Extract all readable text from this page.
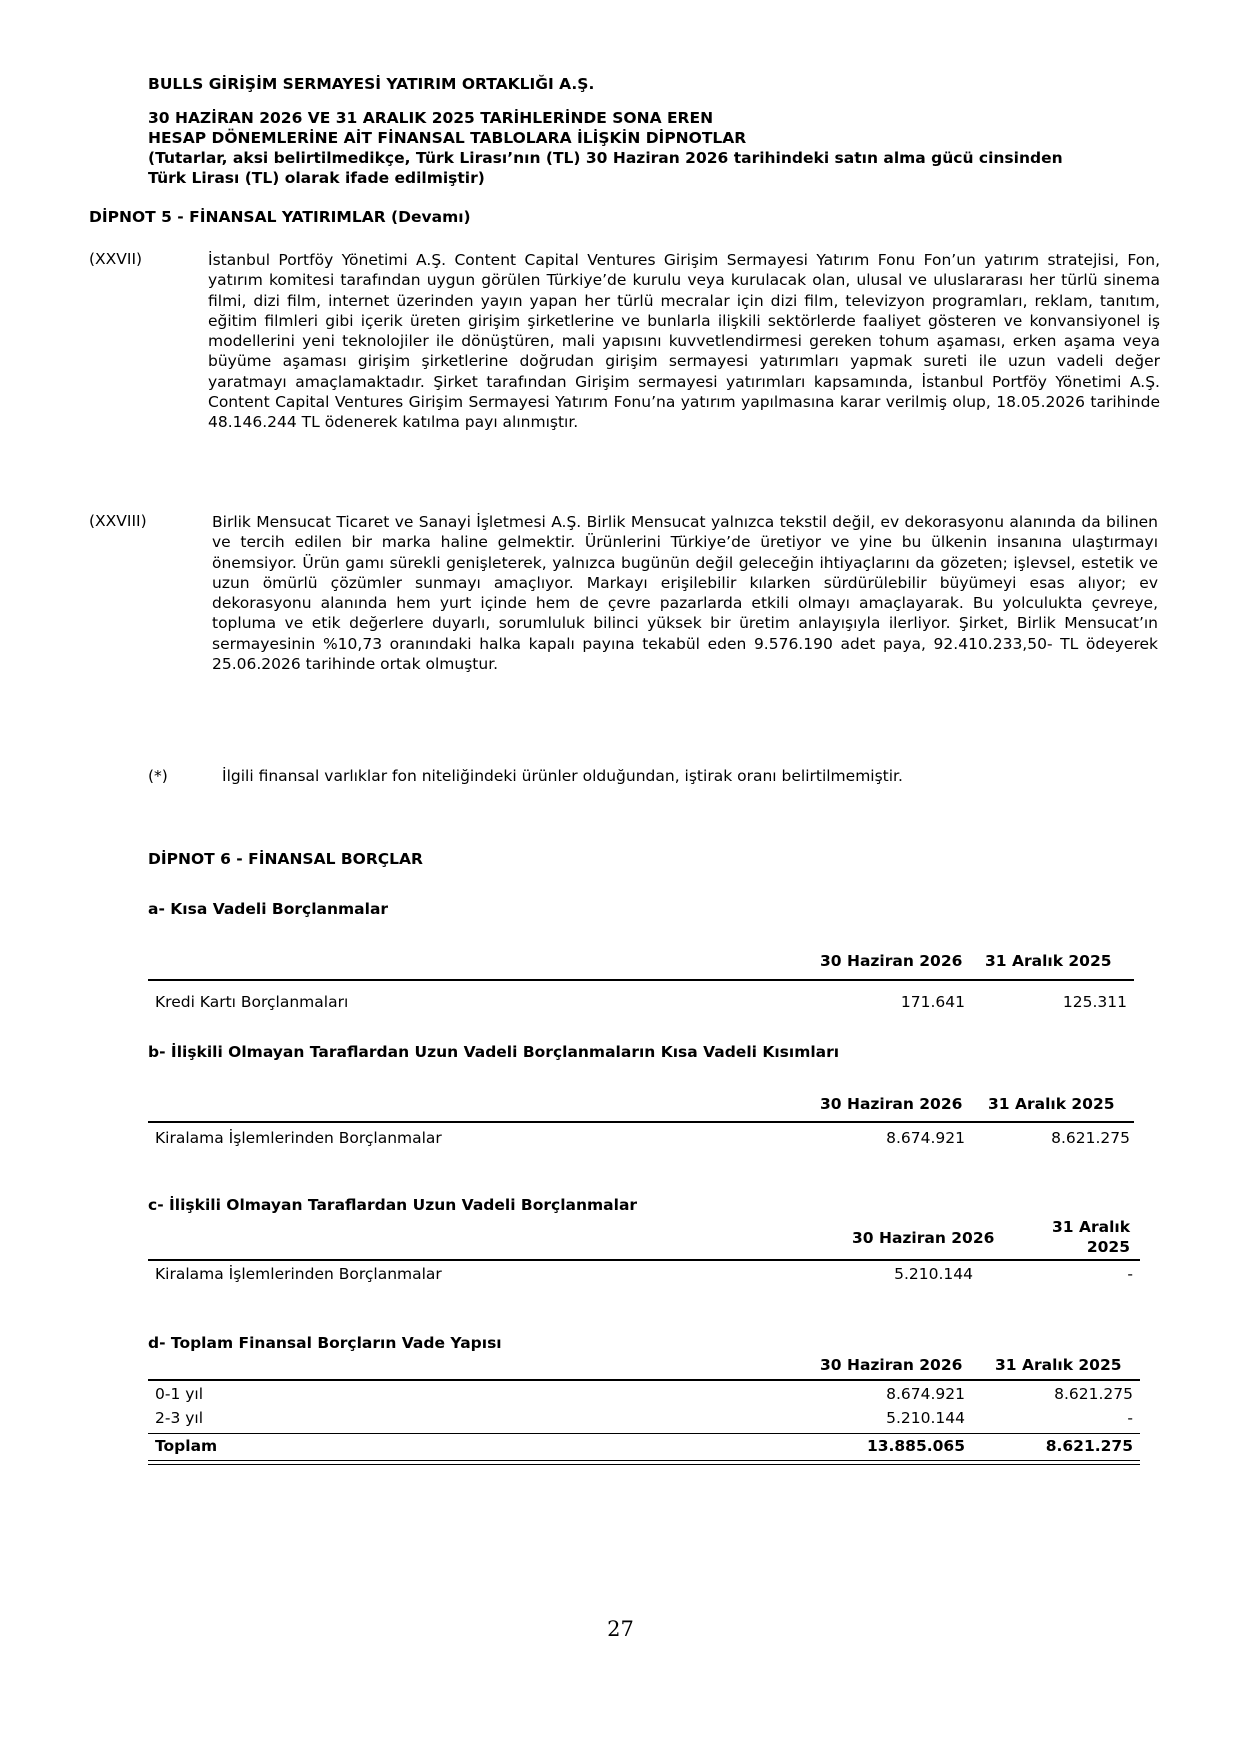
BULLS GİRİŞİM SERMAYESİ YATIRIM ORTAKLIĞI A.Ş.
30 HAZİRAN 2026 VE 31 ARALIK 2025 TARİHLERİNDE SONA EREN
HESAP DÖNEMLERİNE AİT FİNANSAL TABLOLARA İLİŞKİN DİPNOTLAR
(Tutarlar, aksi belirtilmedikçe, Türk Lirası’nın (TL) 30 Haziran 2026 tarihindeki satın alma gücü cinsinden
Türk Lirası (TL) olarak ifade edilmiştir)
DİPNOT 5 - FİNANSAL YATIRIMLAR (Devamı)
(XXVII)	İstanbul Portföy Yönetimi A.Ş. Content Capital Ventures Girişim Sermayesi Yatırım Fonu Fon’un yatırım stratejisi, Fon, yatırım komitesi tarafından uygun görülen Türkiye’de kurulu veya kurulacak olan, ulusal ve uluslararası her türlü sinema filmi, dizi film, internet üzerinden yayın yapan her türlü mecralar için dizi film, televizyon programları, reklam, tanıtım, eğitim filmleri gibi içerik üreten girişim şirketlerine ve bunlarla ilişkili sektörlerde faaliyet gösteren ve konvansiyonel iş modellerini yeni teknolojiler ile dönüştüren, mali yapısını kuvvetlendirmesi gereken tohum aşaması, erken aşama veya büyüme aşaması girişim şirketlerine doğrudan girişim sermayesi yatırımları yapmak sureti ile uzun vadeli değer yaratmayı amaçlamaktadır. Şirket tarafından Girişim sermayesi yatırımları kapsamında, İstanbul Portföy Yönetimi A.Ş. Content Capital Ventures Girişim Sermayesi Yatırım Fonu’na yatırım yapılmasına karar verilmiş olup, 18.05.2026 tarihinde 48.146.244 TL ödenerek katılma payı alınmıştır.

(XXVIII)	Birlik Mensucat Ticaret ve Sanayi İşletmesi A.Ş. Birlik Mensucat yalnızca tekstil değil, ev dekorasyonu alanında da bilinen ve tercih edilen bir marka haline gelmektir. Ürünlerini Türkiye’de üretiyor ve yine bu ülkenin insanına ulaştırmayı önemsiyor. Ürün gamı sürekli genişleterek, yalnızca bugünün değil geleceğin ihtiyaçlarını da gözeten; işlevsel, estetik ve uzun ömürlü çözümler sunmayı amaçlıyor. Markayı erişilebilir kılarken sürdürülebilir büyümeyi esas alıyor; ev dekorasyonu alanında hem yurt içinde hem de çevre pazarlarda etkili olmayı amaçlayarak. Bu yolculukta çevreye, topluma ve etik değerlere duyarlı, sorumluluk bilinci yüksek bir üretim anlayışıyla ilerliyor. Şirket, Birlik Mensucat’ın sermayesinin %10,73 oranındaki halka kapalı payına tekabül eden 9.576.190 adet paya, 92.410.233,50- TL ödeyerek 25.06.2026 tarihinde ortak olmuştur.

(*)	İlgili finansal varlıklar fon niteliğindeki ürünler olduğundan, iştirak oranı belirtilmemiştir.
DİPNOT 6 - FİNANSAL BORÇLAR
a- Kısa Vadeli Borçlanmalar
30 Haziran 2026 31 Aralık 2025
Kredi Kartı Borçlanmaları	171.641	125.311
b- İlişkili Olmayan Taraflardan Uzun Vadeli Borçlanmaların Kısa Vadeli Kısımları
30 Haziran 2026 31 Aralık 2025
Kiralama İşlemlerinden Borçlanmalar	8.674.921	8.621.275
c- İlişkili Olmayan Taraflardan Uzun Vadeli Borçlanmalar
30 Haziran 2026
31 Aralık
2025
Kiralama İşlemlerinden Borçlanmalar	5.210.144	-
d- Toplam Finansal Borçların Vade Yapısı
30 Haziran 2026 31 Aralık 2025
0-1 yıl	8.674.921	8.621.275
2-3 yıl	5.210.144	-
Toplam	13.885.065	8.621.275
27
